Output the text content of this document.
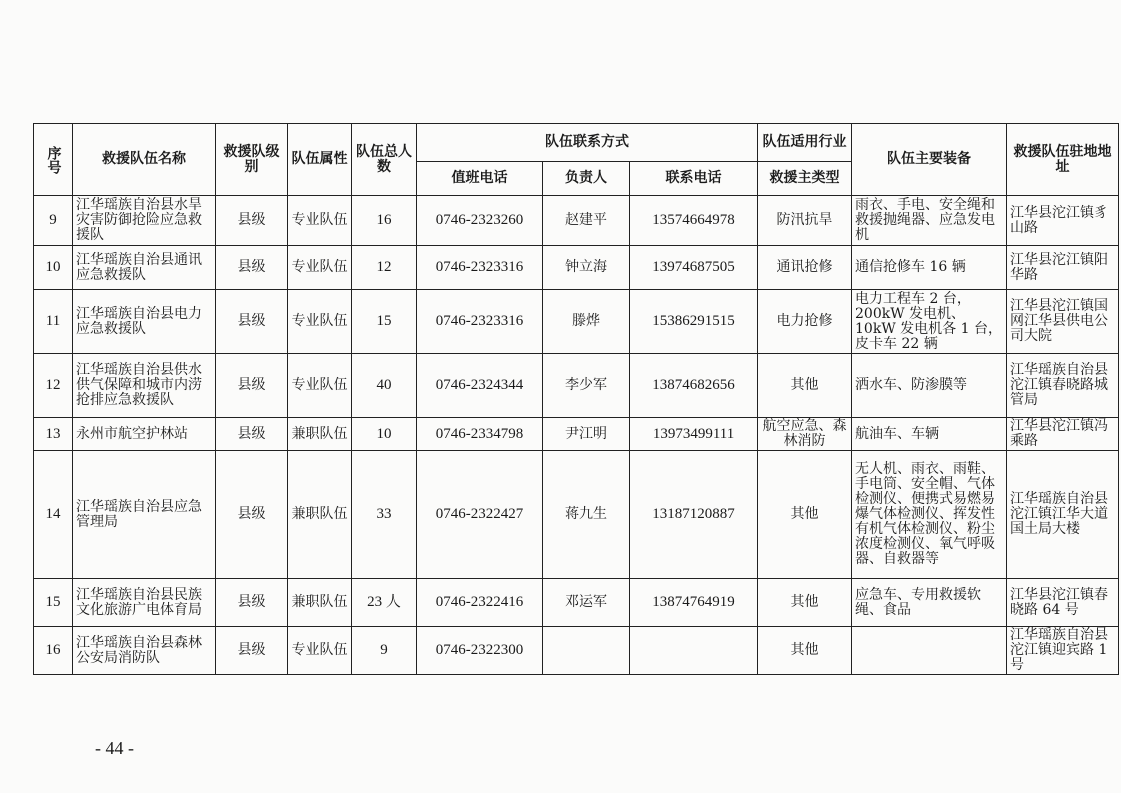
序号	救援队伍名称	救援队级别	队伍属性	队伍总人数	队伍联系方式			队伍适用行业	队伍主要装备	救援队伍驻地地址
					值班电话	负责人	联系电话	救援主类型		
9	江华瑶族自治县水旱灾害防御抢险应急救援队	县级	专业队伍	16	0746-2323260	赵建平	13574664978	防汛抗旱	雨衣、手电、安全绳和救援抛绳器、应急发电机	江华县沱江镇豸山路
10	江华瑶族自治县通讯应急救援队	县级	专业队伍	12	0746-2323316	钟立海	13974687505	通讯抢修	通信抢修车 16 辆	江华县沱江镇阳华路
11	江华瑶族自治县电力应急救援队	县级	专业队伍	15	0746-2323316	滕烨	15386291515	电力抢修	电力工程车 2 台，200kW 发电机、10kW 发电机各 1 台，皮卡车 22 辆	江华县沱江镇国网江华县供电公司大院
12	江华瑶族自治县供水供气保障和城市内涝抢排应急救援队	县级	专业队伍	40	0746-2324344	李少军	13874682656	其他	洒水车、防渗膜等	江华瑶族自治县沱江镇春晓路城管局
13	永州市航空护林站	县级	兼职队伍	10	0746-2334798	尹江明	13973499111	航空应急、森林消防	航油车、车辆	江华县沱江镇冯乘路
14	江华瑶族自治县应急管理局	县级	兼职队伍	33	0746-2322427	蒋九生	13187120887	其他	无人机、雨衣、雨鞋、手电筒、安全帽、气体检测仪、便携式易燃易爆气体检测仪、挥发性有机气体检测仪、粉尘浓度检测仪、氧气呼吸器、自救器等	江华瑶族自治县沱江镇江华大道国土局大楼
15	江华瑶族自治县民族文化旅游广电体育局	县级	兼职队伍	23 人	0746-2322416	邓运军	13874764919	其他	应急车、专用救援软绳、食品	江华县沱江镇春晓路 64 号
16	江华瑶族自治县森林公安局消防队	县级	专业队伍	9	0746-2322300			其他		江华瑶族自治县沱江镇迎宾路 1 号
- 44 -
